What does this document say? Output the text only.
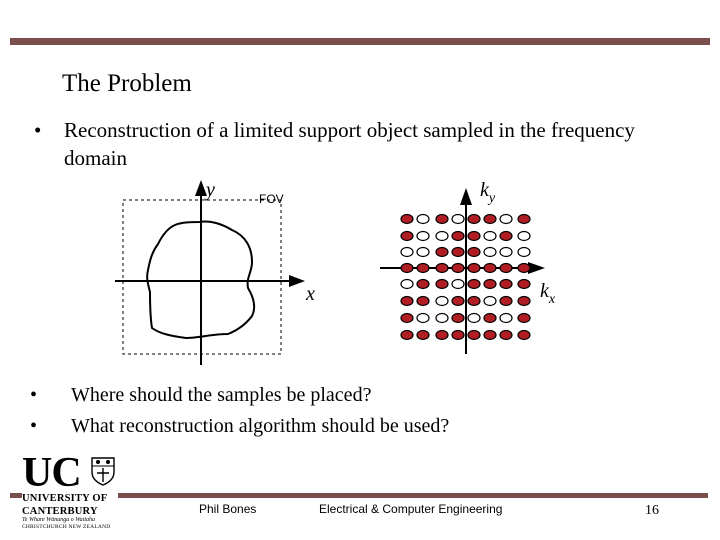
The Problem
• Reconstruction of a limited support object sampled in the frequency domain
y
x
$k_y$
$k_x$
FOV
• Where should the samples be placed?
• What reconstruction algorithm should be used?
UC
UNIVERSITY OF
CANTERBURY
Te Whare Wānanga o Waitaha
CHRISTCHURCH NEW ZEALAND
Phil Bones	Electrical & Computer Engineering	16
